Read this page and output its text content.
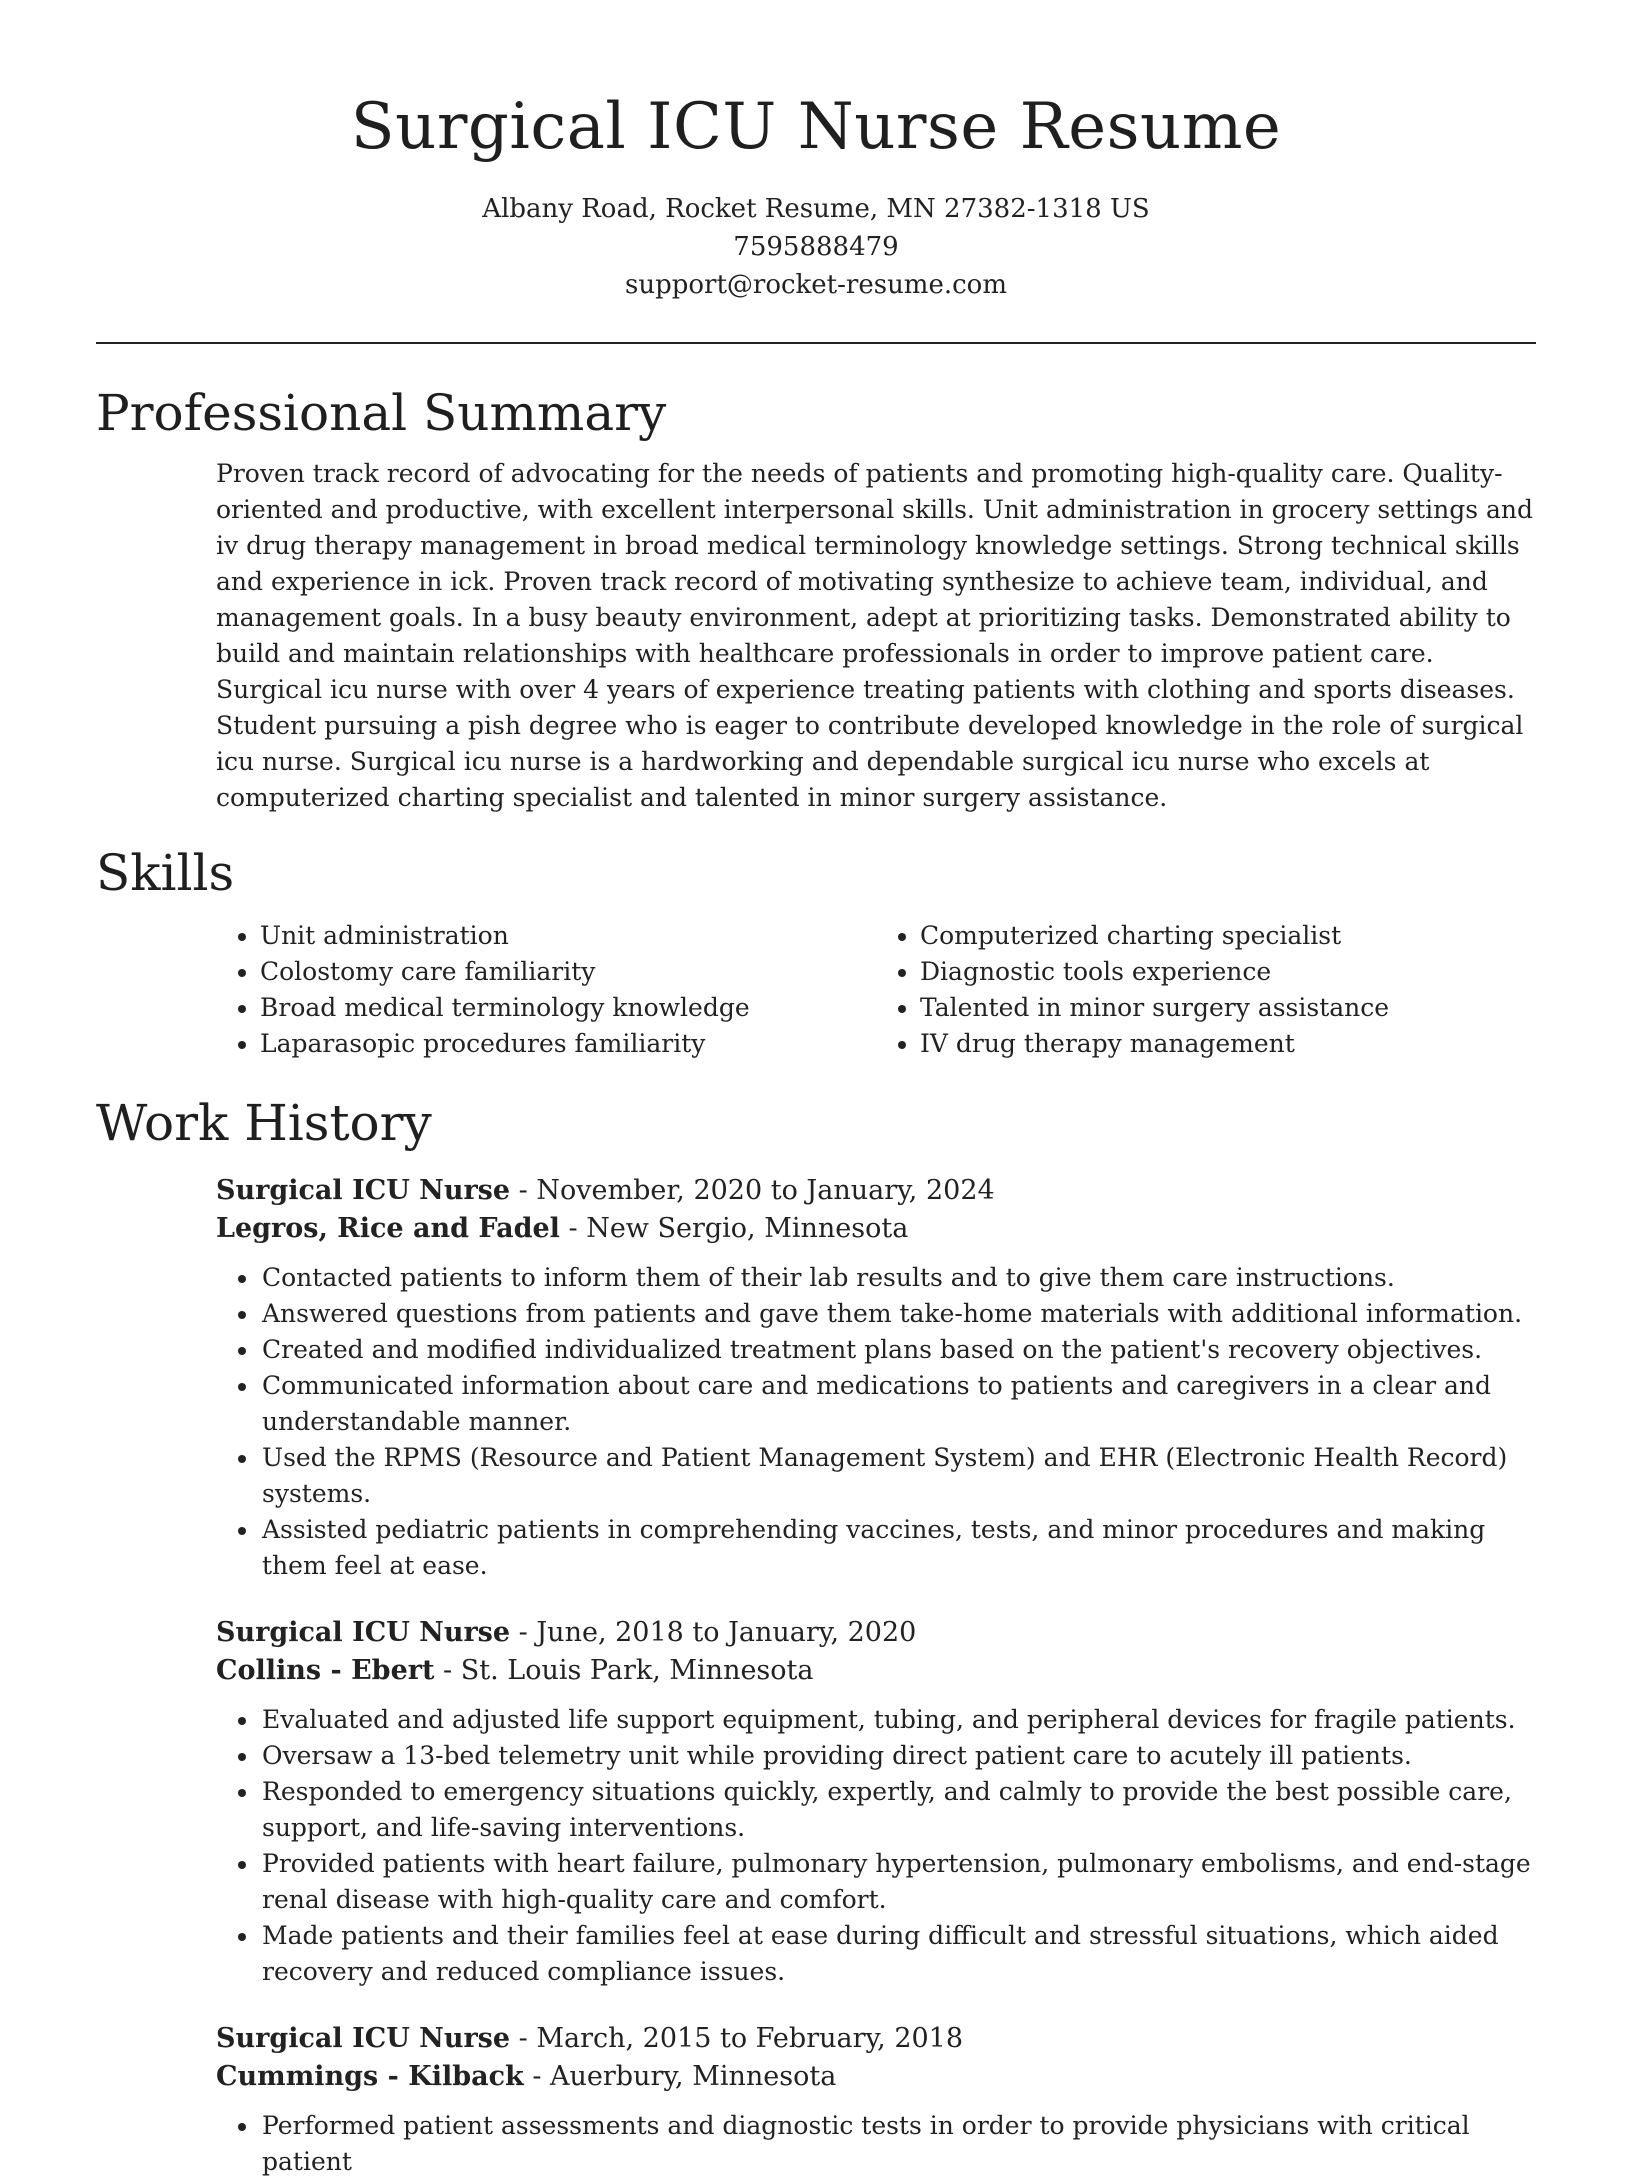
Surgical ICU Nurse Resume

Albany Road, Rocket Resume, MN 27382-1318 US

7595888479

support@rocket-resume.com

Professional Summary

Proven track record of advocating for the needs of patients and promoting high-quality care. Quality-oriented and productive, with excellent interpersonal skills. Unit administration in grocery settings and iv drug therapy management in broad medical terminology knowledge settings. Strong technical skills and experience in ick. Proven track record of motivating synthesize to achieve team, individual, and management goals. In a busy beauty environment, adept at prioritizing tasks. Demonstrated ability to build and maintain relationships with healthcare professionals in order to improve patient care. Surgical icu nurse with over 4 years of experience treating patients with clothing and sports diseases. Student pursuing a pish degree who is eager to contribute developed knowledge in the role of surgical icu nurse. Surgical icu nurse is a hardworking and dependable surgical icu nurse who excels at computerized charting specialist and talented in minor surgery assistance.

Skills
• Unit administration
• Colostomy care familiarity
• Broad medical terminology knowledge
• Laparasopic procedures familiarity
• Computerized charting specialist
• Diagnostic tools experience
• Talented in minor surgery assistance
• IV drug therapy management
Work History

Surgical ICU Nurse - November, 2020 to January, 2024

Legros, Rice and Fadel - New Sergio, Minnesota

• Contacted patients to inform them of their lab results and to give them care instructions.
• Answered questions from patients and gave them take-home materials with additional information.
• Created and modified individualized treatment plans based on the patient's recovery objectives.
• Communicated information about care and medications to patients and caregivers in a clear and understandable manner.
• Used the RPMS (Resource and Patient Management System) and EHR (Electronic Health Record) systems.
• Assisted pediatric patients in comprehending vaccines, tests, and minor procedures and making them feel at ease.

Surgical ICU Nurse - June, 2018 to January, 2020

Collins - Ebert - St. Louis Park, Minnesota

• Evaluated and adjusted life support equipment, tubing, and peripheral devices for fragile patients.
• Oversaw a 13-bed telemetry unit while providing direct patient care to acutely ill patients.
• Responded to emergency situations quickly, expertly, and calmly to provide the best possible care, support, and life-saving interventions.
• Provided patients with heart failure, pulmonary hypertension, pulmonary embolisms, and end-stage renal disease with high-quality care and comfort.
• Made patients and their families feel at ease during difficult and stressful situations, which aided recovery and reduced compliance issues.

Surgical ICU Nurse - March, 2015 to February, 2018

Cummings - Kilback - Auerbury, Minnesota

• Performed patient assessments and diagnostic tests in order to provide physicians with critical patient
